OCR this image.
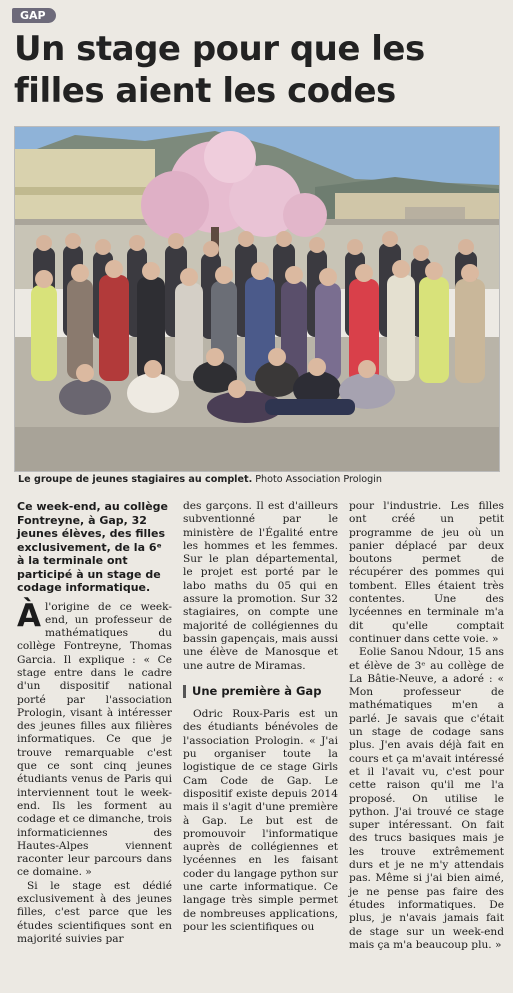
GAP
Un stage pour que les filles aient les codes
Le groupe de jeunes stagiaires au complet. Photo Association Prologin

Ce week-end, au collège Fontreyne, à Gap, 32 jeunes élèves, des filles exclusivement, de la 6ᵉ à la terminale ont participé à un stage de codage informatique.

Àl'origine de ce week-end, un professeur de mathématiques du collège Fontreyne, Thomas Garcia. Il explique : « Ce stage entre dans le cadre d'un dispositif national porté par l'association Prologin, visant à intéresser des jeunes filles aux filières informatiques. Ce que je trouve remarquable c'est que ce sont cinq jeunes étudiants venus de Paris qui interviennent tout le week-end. Ils les forment au codage et ce dimanche, trois informaticiennes des Hautes-Alpes viennent raconter leur parcours dans ce domaine. »

Si le stage est dédié exclusivement à des jeunes filles, c'est parce que les études scientifiques sont en majorité suivies par

des garçons. Il est d'ailleurs subventionné par le ministère de l'Égalité entre les hommes et les femmes. Sur le plan départemental, le projet est porté par le labo maths du 05 qui en assure la promotion. Sur 32 stagiaires, on compte une majorité de collégiennes du bassin gapençais, mais aussi une élève de Manosque et une autre de Miramas.

Une première à Gap

Odric Roux-Paris est un des étudiants bénévoles de l'association Prologin. « J'ai pu organiser toute la logistique de ce stage Girls Cam Code de Gap. Le dispositif existe depuis 2014 mais il s'agit d'une première à Gap. Le but est de promouvoir l'informatique auprès de collégiennes et lycéennes en les faisant coder du langage python sur une carte informatique. Ce langage très simple permet de nombreuses applications, pour les scientifiques ou

pour l'industrie. Les filles ont créé un petit programme de jeu où un panier déplacé par deux boutons permet de récupérer des pommes qui tombent. Elles étaient très contentes. Une des lycéennes en terminale m'a dit qu'elle comptait continuer dans cette voie. »

Eolie Sanou Ndour, 15 ans et élève de 3ᵉ au collège de La Bâtie-Neuve, a adoré : « Mon professeur de mathématiques m'en a parlé. Je savais que c'était un stage de codage sans plus. J'en avais déjà fait en cours et ça m'avait intéressé et il l'avait vu, c'est pour cette raison qu'il me l'a proposé. On utilise le python. J'ai trouvé ce stage super intéressant. On fait des trucs basiques mais je les trouve extrêmement durs et je ne m'y attendais pas. Même si j'ai bien aimé, je ne pense pas faire des études informatiques. De plus, je n'avais jamais fait de stage sur un week-end mais ça m'a beaucoup plu. »
